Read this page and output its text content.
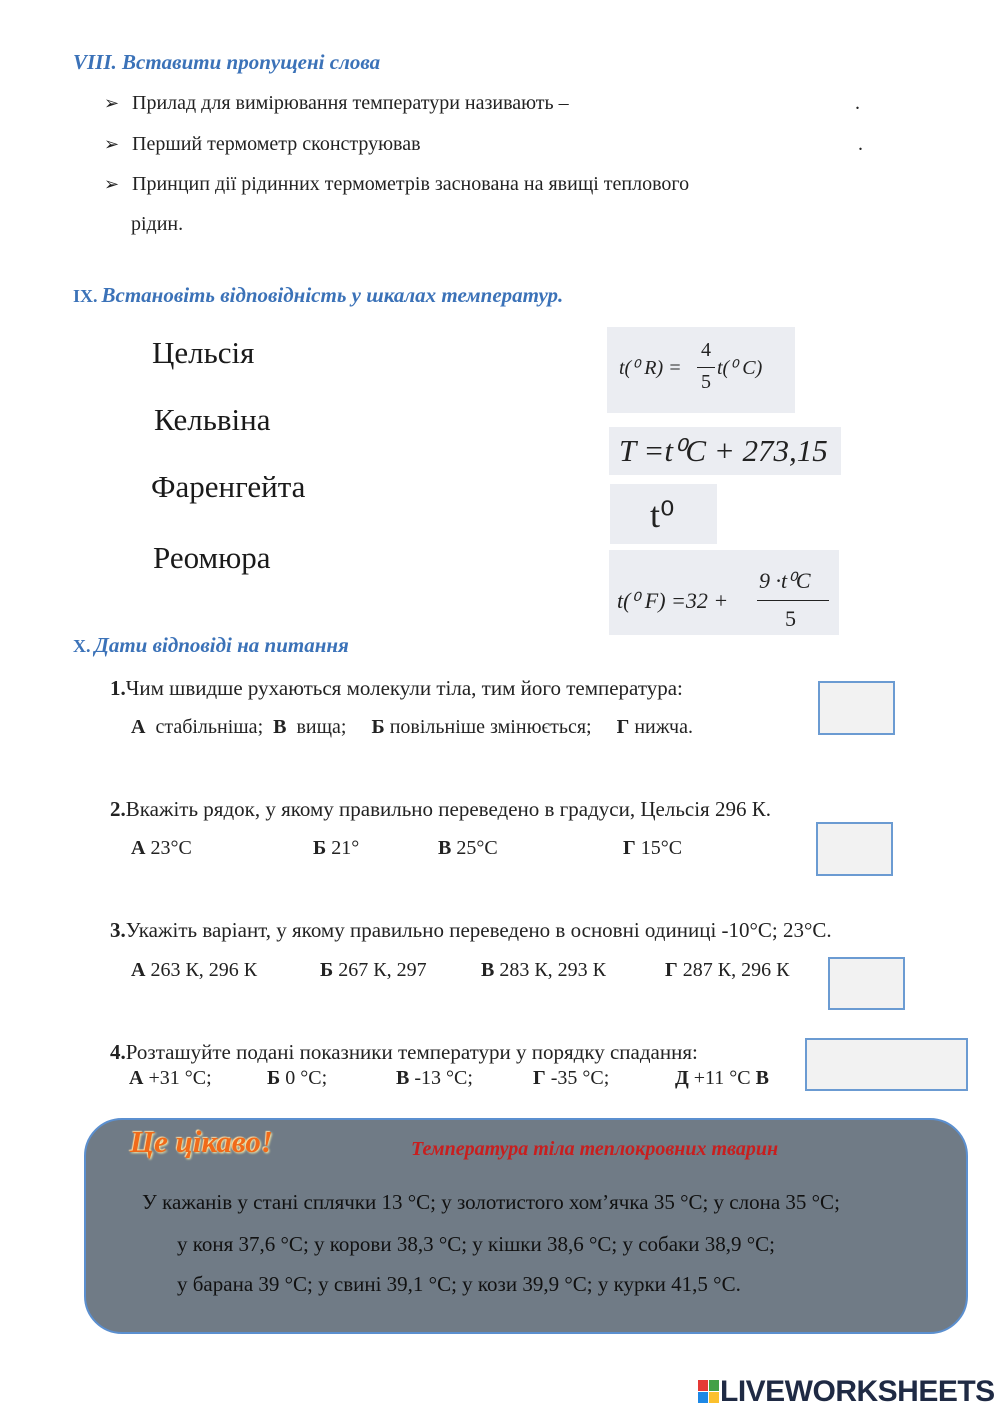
VIII. Вставити пропущені слова
➢ Прилад для вимірювання температури називають –	.
➢ Перший термометр сконструював	.
➢ Принцип дії рідинних термометрів заснована на явищі теплового
рідин.
IX. Встановіть відповідність у шкалах температур.
Цельсія
Кельвіна
Фаренгейта
Реомюра
t(⁰ R) =
4
5
t(⁰ C)
T =t⁰C + 273,15
t⁰
t(⁰ F) =32 +
9 ·t⁰C
5
X. Дати відповіді на питання
1.Чим швидше рухаються молекули тіла, тим його температура:
А стабільніша; В вища; Б повільніше змінюється; Г нижча.
2.Вкажіть рядок, у якому правильно переведено в градуси, Цельсія 296 К.
А 23°С	Б 21°	В 25°С	Г 15°С
3.Укажіть варіант, у якому правильно переведено в основні одиниці -10°С; 23°С.
А 263 К, 296 К	Б 267 К, 297	В 283 К, 293 К	Г 287 К, 296 К
4.Розташуйте подані показники температури у порядку спадання:
А +31 °С;	Б 0 °С;	В -13 °С;	Г -35 °С;	Д +11 °С В
Це цікаво!	Температура тіла теплокровних тварин
У кажанів у стані сплячки 13 °С; у золотистого хом’ячка 35 °С; у слона 35 °С;
у коня 37,6 °С; у корови 38,3 °С; у кішки 38,6 °С; у собаки 38,9 °С;
у барана 39 °С; у свині 39,1 °С; у кози 39,9 °С; у курки 41,5 °С.
LIVEWORKSHEETS
